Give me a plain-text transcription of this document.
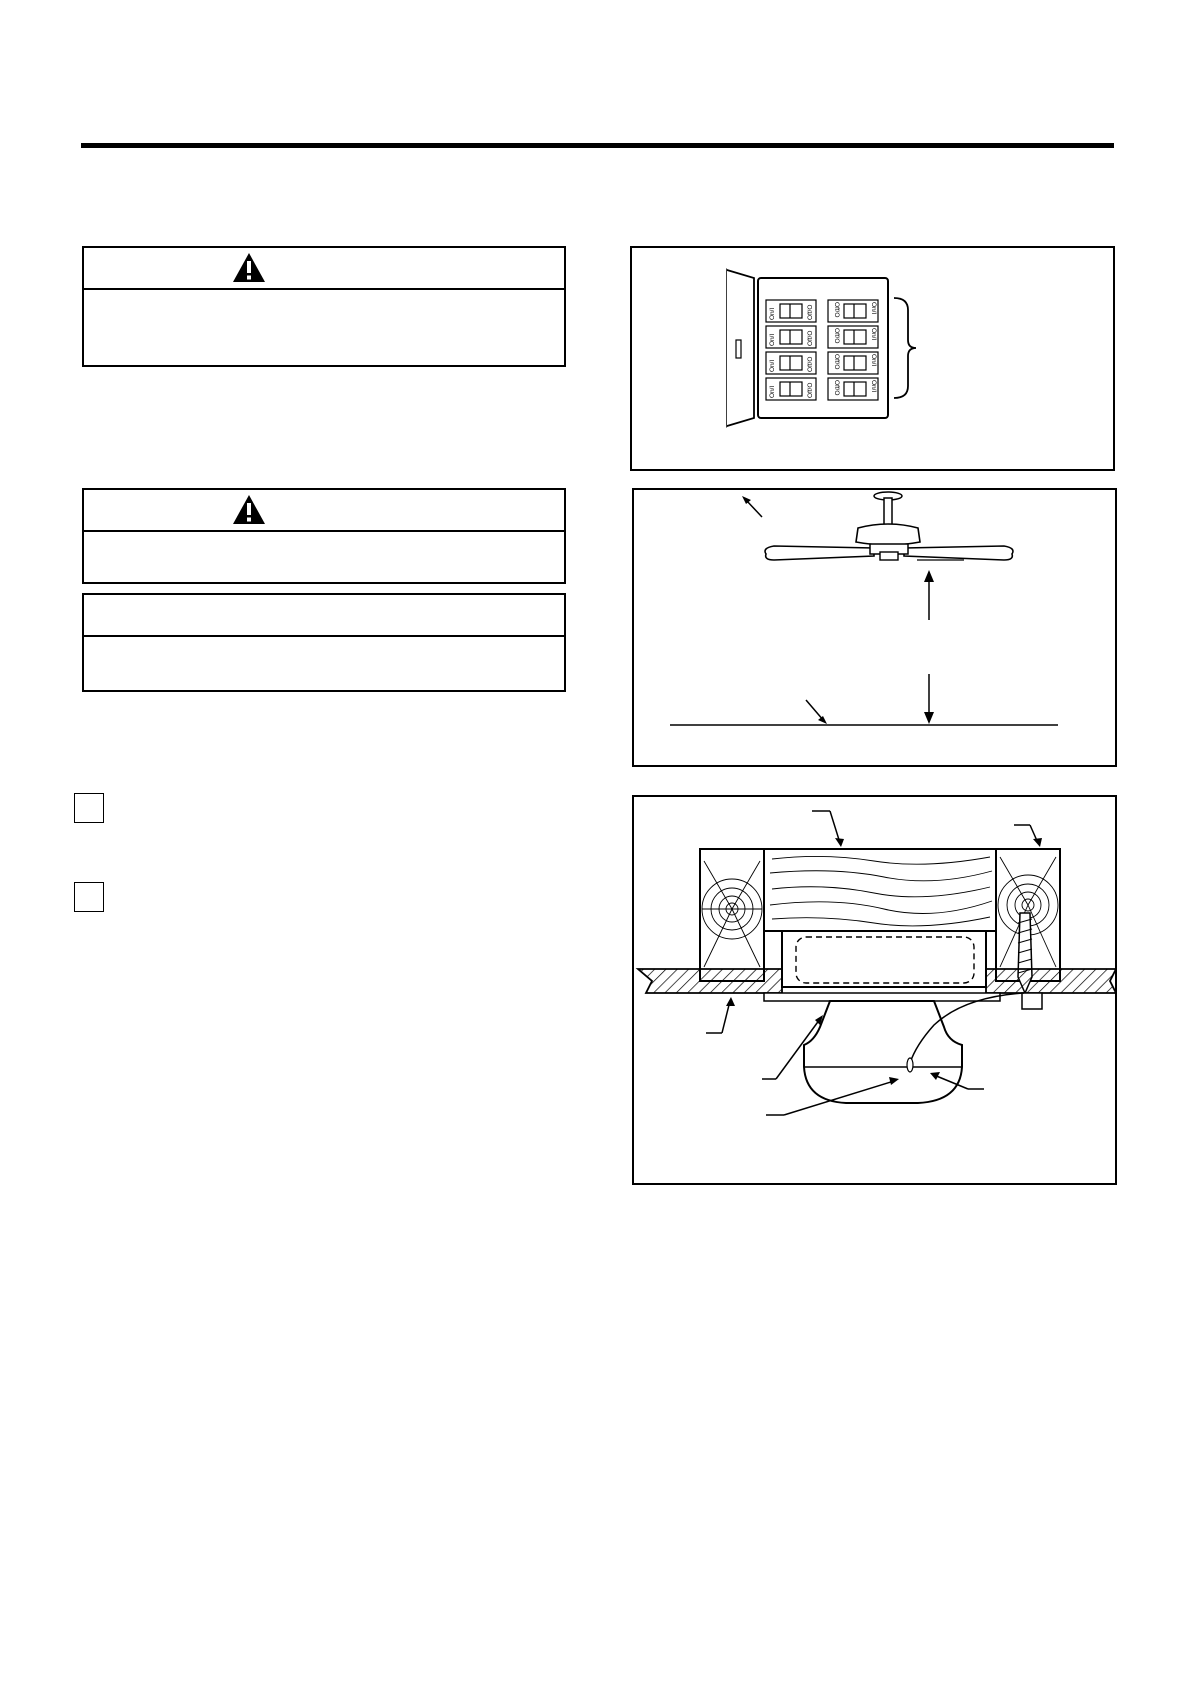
On/I	Off/O
On/I	Off/O
On/I	Off/O
On/I	Off/O
Off/O	On/I
Off/O	On/I
Off/O	On/I
Off/O	On/I
